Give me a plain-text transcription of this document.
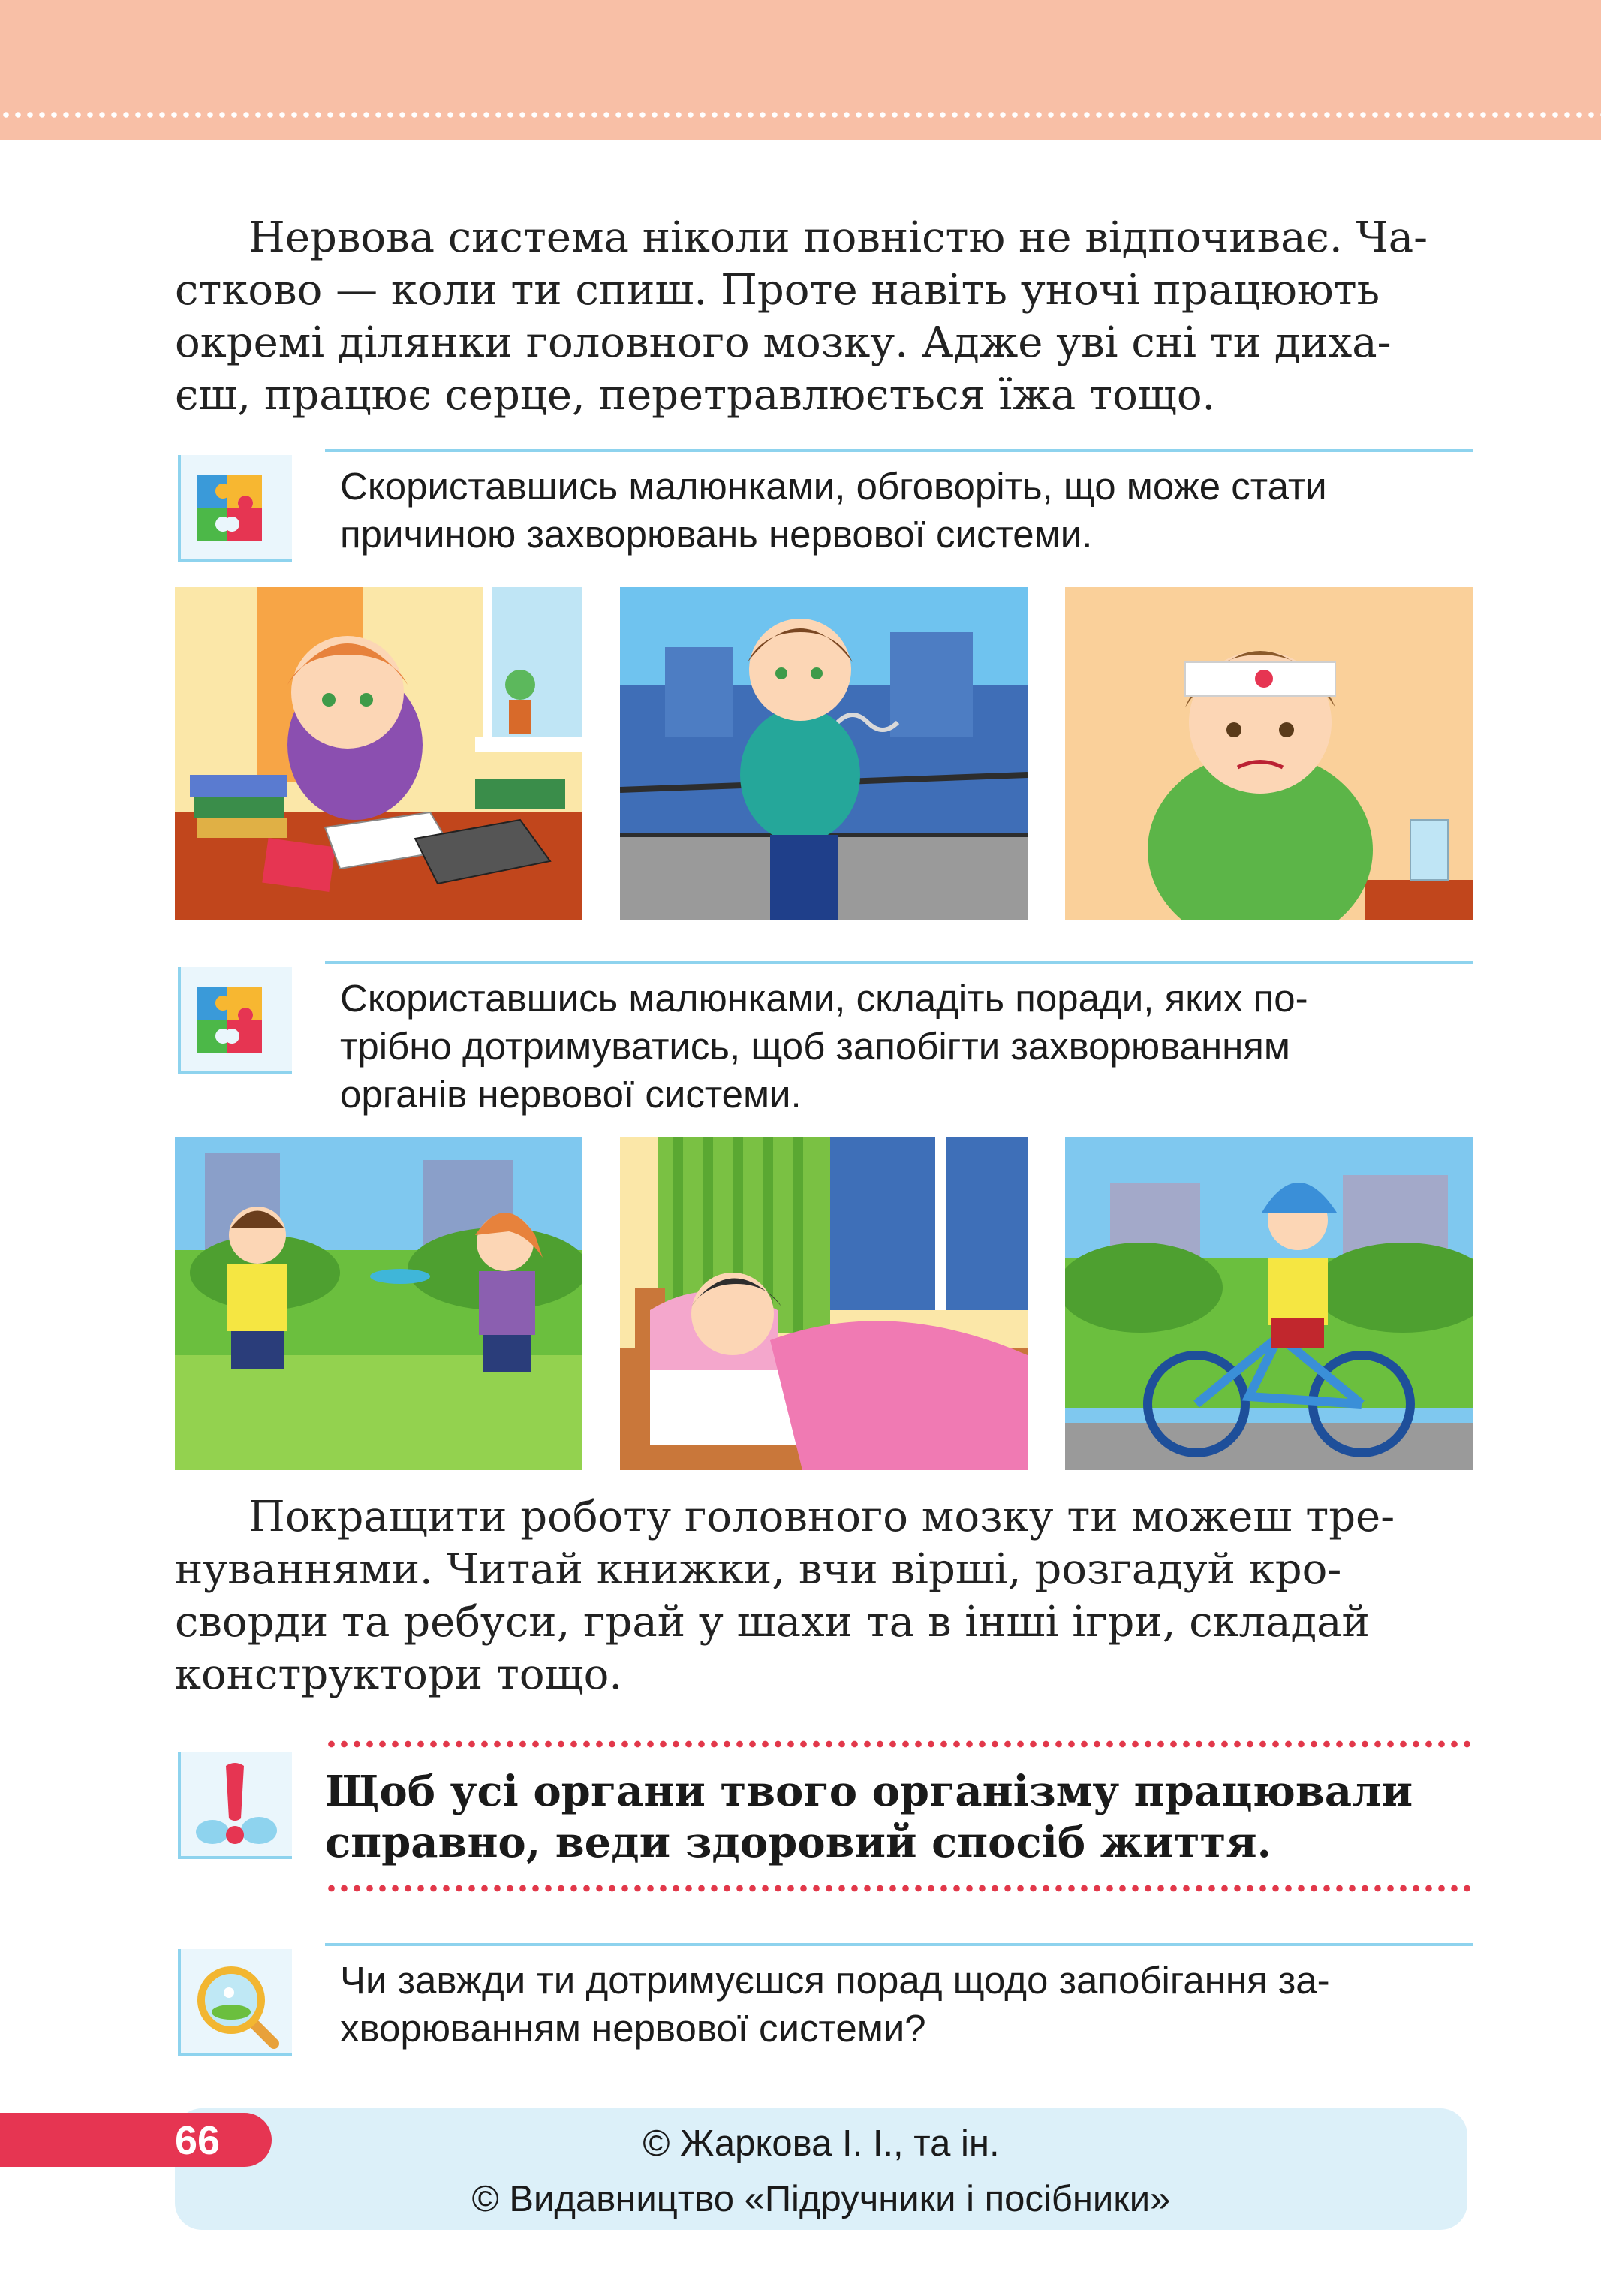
Нервова система ніколи повністю не відпочиває. Ча-
стково — коли ти спиш. Проте навіть уночі працюють
окремі ділянки головного мозку. Адже уві сні ти диха-
єш, працює серце, перетравлюється їжа тощо.
Скориставшись малюнками, обговоріть, що може стати
причиною захворювань нервової системи.
Скориставшись малюнками, складіть поради, яких по-
трібно дотримуватись, щоб запобігти захворюванням
органів нервової системи.
Покращити роботу головного мозку ти можеш тре-
нуваннями. Читай книжки, вчи вірші, розгадуй кро-
сворди та ребуси, грай у шахи та в інші ігри, складай
конструктори тощо.
Щоб усі органи твого організму працювали
справно, веди здоровий спосіб життя.
Чи завжди ти дотримуєшся порад щодо запобігання за-
хворюванням нервової системи?
66	© Жаркова І. І., та ін.
© Видавництво «Підручники і посібники»
